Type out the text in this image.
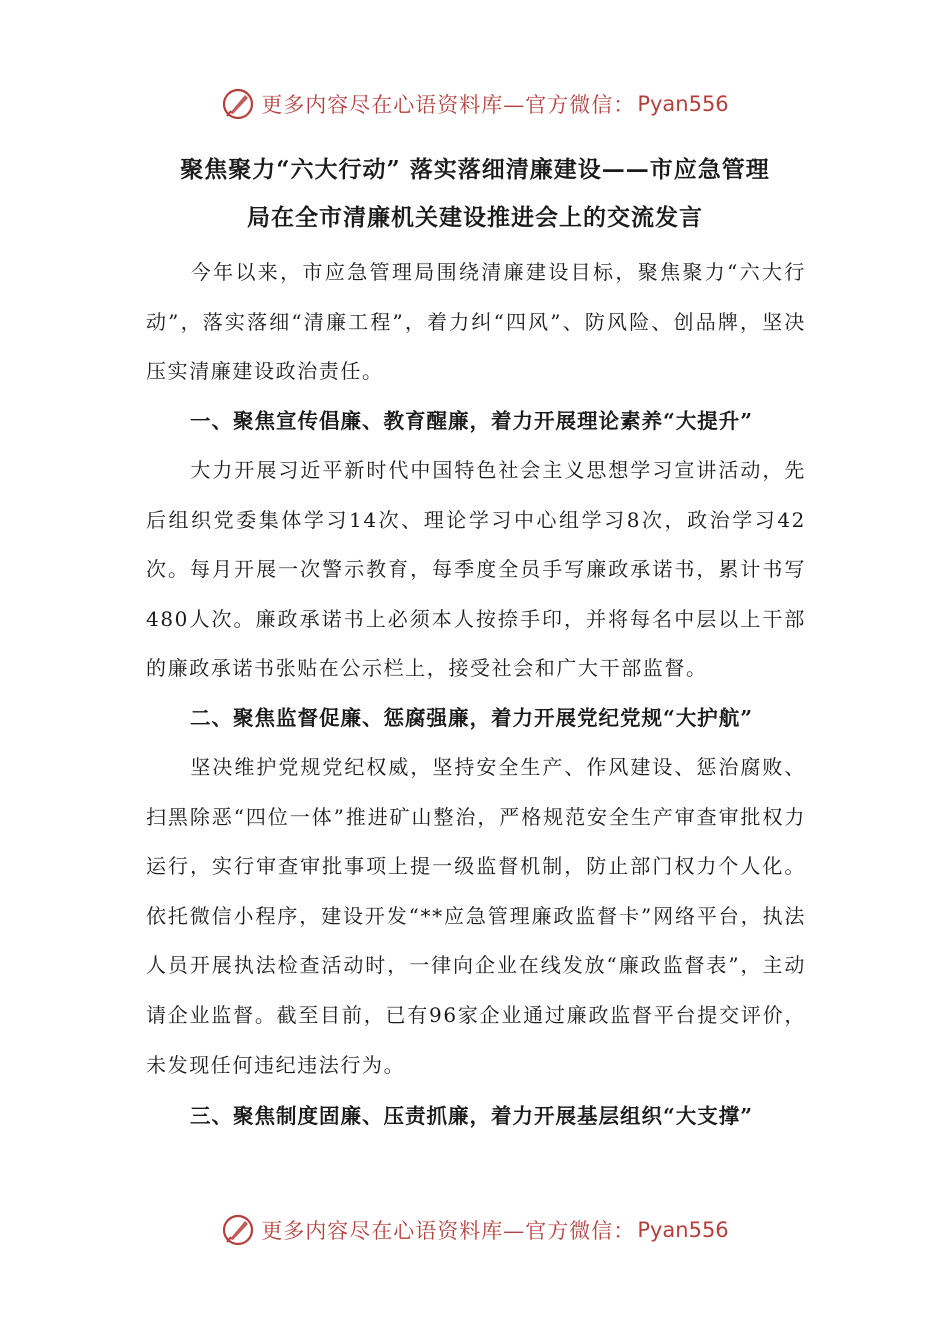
更多内容尽在心语资料库—官方微信： Pyan556
聚焦聚力“六大行动” 落实落细清廉建设——市应急管理
局在全市清廉机关建设推进会上的交流发言
今年以来，市应急管理局围绕清廉建设目标，聚焦聚力“六大行动”，落实落细“清廉工程”，着力纠“四风”、防风险、创品牌，坚决压实清廉建设政治责任。
一、聚焦宣传倡廉、教育醒廉，着力开展理论素养“大提升”
大力开展习近平新时代中国特色社会主义思想学习宣讲活动，先后组织党委集体学习14次、理论学习中心组学习8次，政治学习42次。每月开展一次警示教育，每季度全员手写廉政承诺书，累计书写480人次。廉政承诺书上必须本人按捺手印，并将每名中层以上干部的廉政承诺书张贴在公示栏上，接受社会和广大干部监督。
二、聚焦监督促廉、惩腐强廉，着力开展党纪党规“大护航”
坚决维护党规党纪权威，坚持安全生产、作风建设、惩治腐败、扫黑除恶“四位一体”推进矿山整治，严格规范安全生产审查审批权力运行，实行审查审批事项上提一级监督机制，防止部门权力个人化。依托微信小程序，建设开发“**应急管理廉政监督卡”网络平台，执法人员开展执法检查活动时，一律向企业在线发放“廉政监督表”，主动请企业监督。截至目前，已有96家企业通过廉政监督平台提交评价，未发现任何违纪违法行为。
三、聚焦制度固廉、压责抓廉，着力开展基层组织“大支撑”
更多内容尽在心语资料库—官方微信： Pyan556
